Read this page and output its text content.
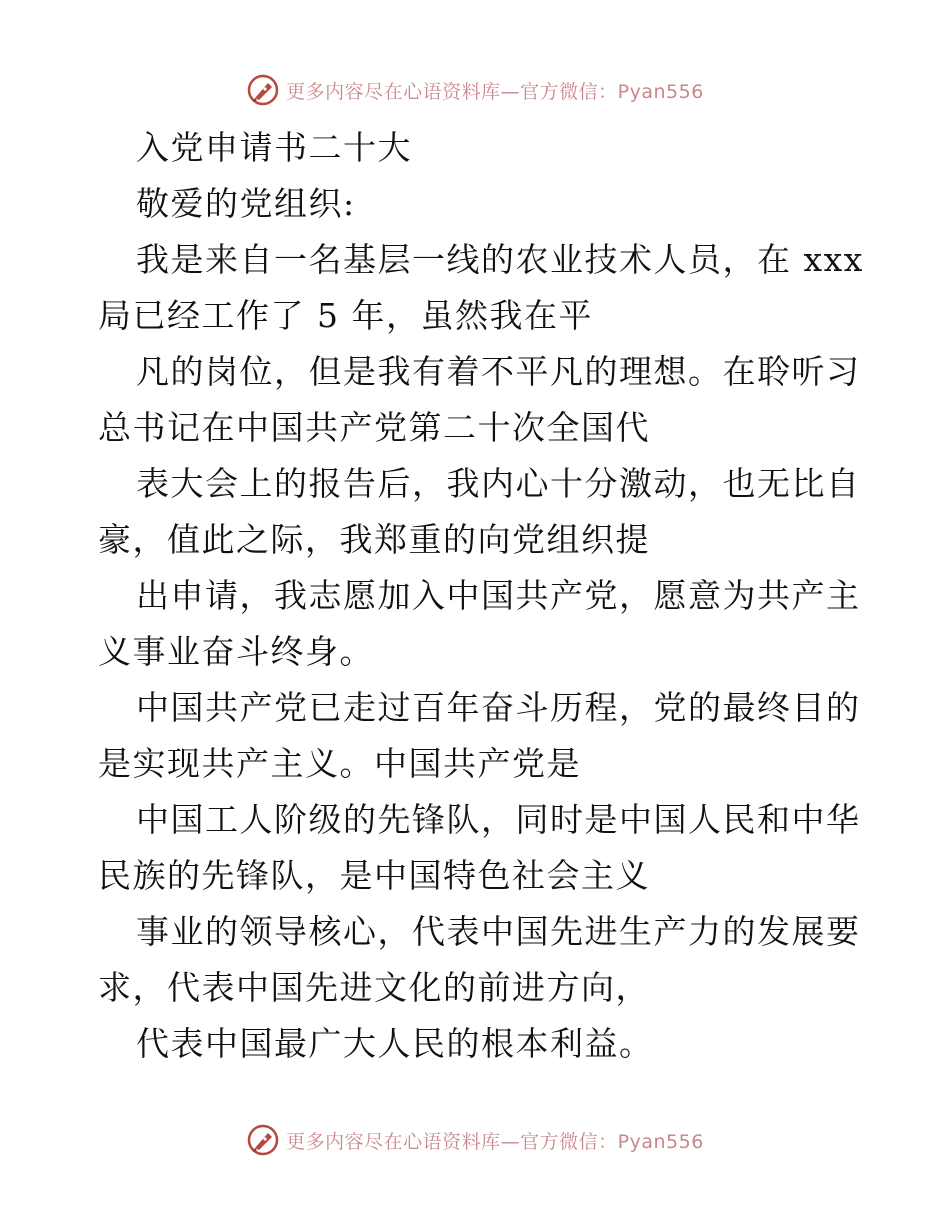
更多内容尽在心语资料库—官方微信：Pyan556
入党申请书二十大
敬爱的党组织:
我是来自一名基层一线的农业技术人员，在 xxx
局已经工作了 5 年，虽然我在平
凡的岗位，但是我有着不平凡的理想。在聆听习
总书记在中国共产党第二十次全国代
表大会上的报告后，我内心十分激动，也无比自
豪，值此之际，我郑重的向党组织提
出申请，我志愿加入中国共产党，愿意为共产主
义事业奋斗终身。
中国共产党已走过百年奋斗历程，党的最终目的
是实现共产主义。中国共产党是
中国工人阶级的先锋队，同时是中国人民和中华
民族的先锋队，是中国特色社会主义
事业的领导核心，代表中国先进生产力的发展要
求，代表中国先进文化的前进方向，
代表中国最广大人民的根本利益。
更多内容尽在心语资料库—官方微信：Pyan556
